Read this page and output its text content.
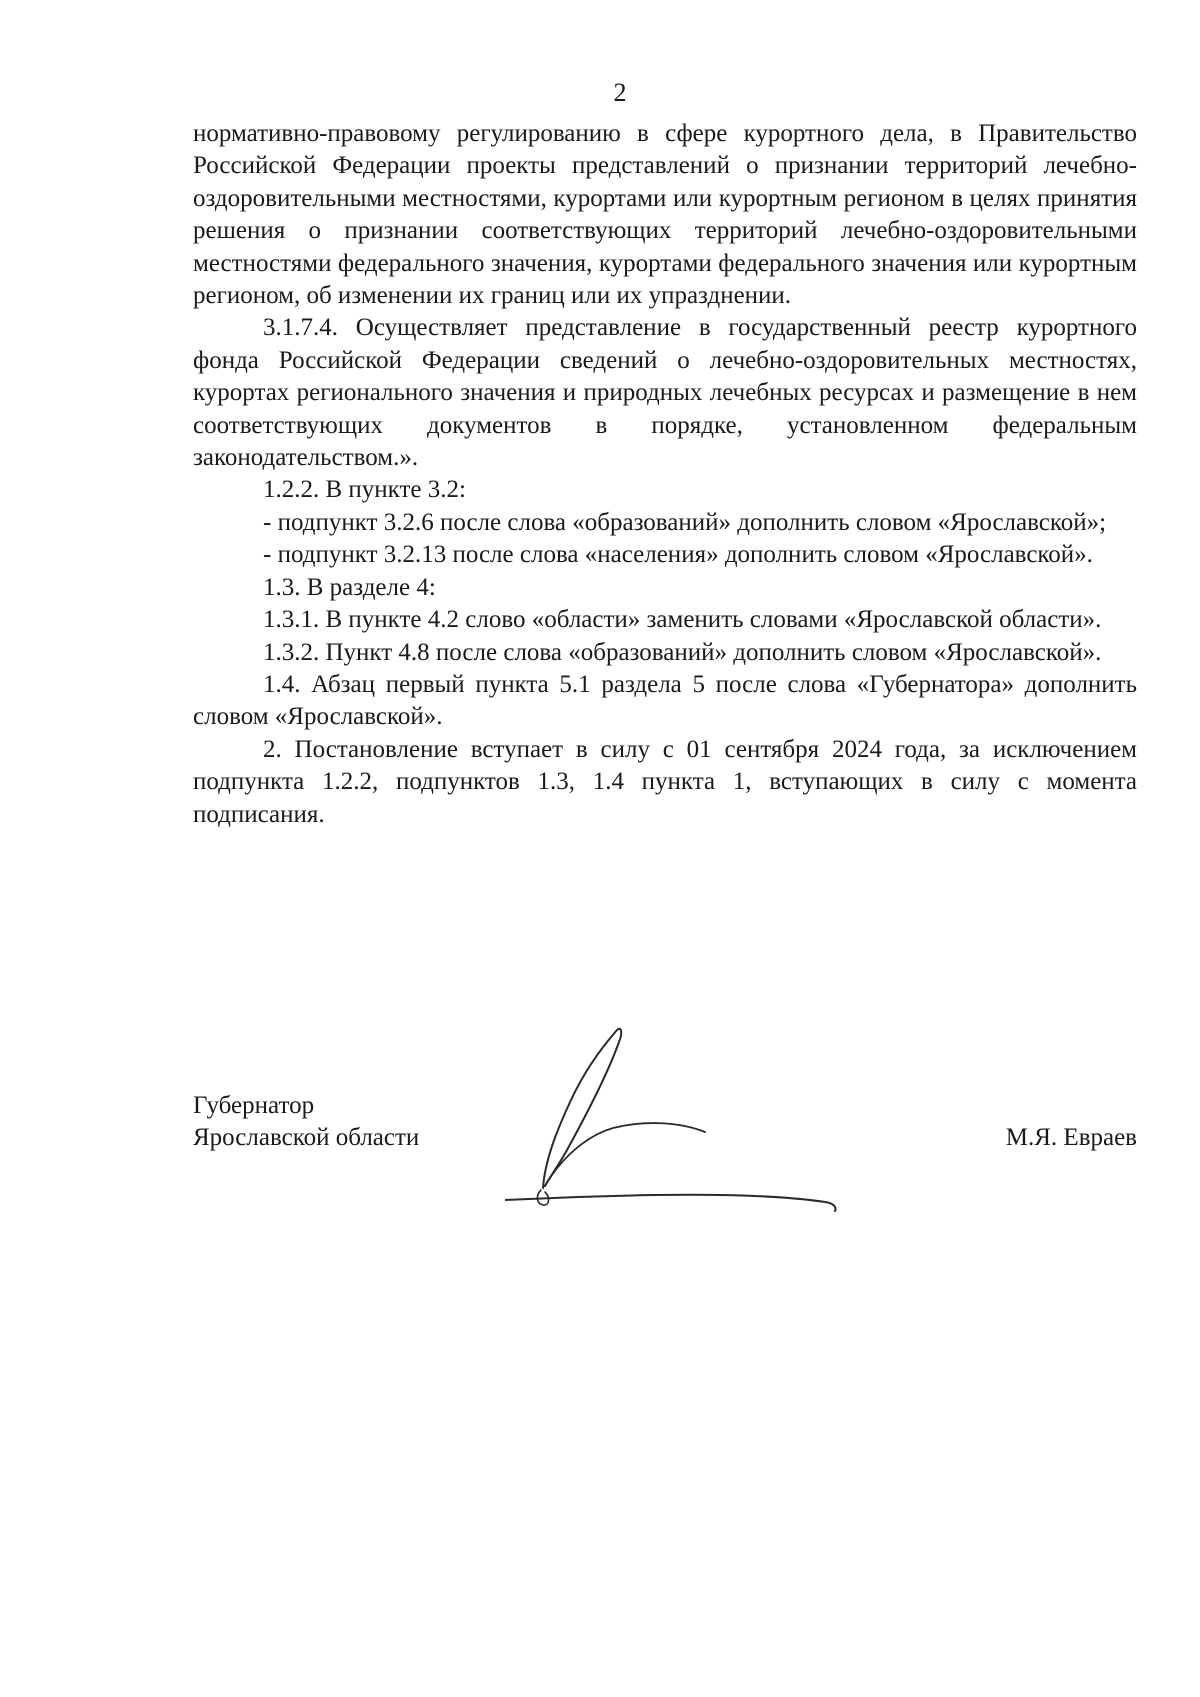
2

нормативно-правовому регулированию в сфере курортного дела, в Правительство Российской Федерации проекты представлений о признании территорий лечебно-оздоровительными местностями, курортами или курортным регионом в целях принятия решения о признании соответствующих территорий лечебно-оздоровительными местностями федерального значения, курортами федерального значения или курортным регионом, об изменении их границ или их упразднении.

3.1.7.4. Осуществляет представление в государственный реестр курортного фонда Российской Федерации сведений о лечебно-оздоровительных местностях, курортах регионального значения и природных лечебных ресурсах и размещение в нем соответствующих документов в порядке, установленном федеральным законодательством.».

1.2.2. В пункте 3.2:

- подпункт 3.2.6 после слова «образований» дополнить словом «Ярославской»;

- подпункт 3.2.13 после слова «населения» дополнить словом «Ярославской».

1.3. В разделе 4:

1.3.1. В пункте 4.2 слово «области» заменить словами «Ярославской области».

1.3.2. Пункт 4.8 после слова «образований» дополнить словом «Ярославской».

1.4. Абзац первый пункта 5.1 раздела 5 после слова «Губернатора» дополнить словом «Ярославской».

2. Постановление вступает в силу с 01 сентября 2024 года, за исключением подпункта 1.2.2, подпунктов 1.3, 1.4 пункта 1, вступающих в силу с момента подписания.

Губернатор
Ярославской области	М.Я. Евраев
